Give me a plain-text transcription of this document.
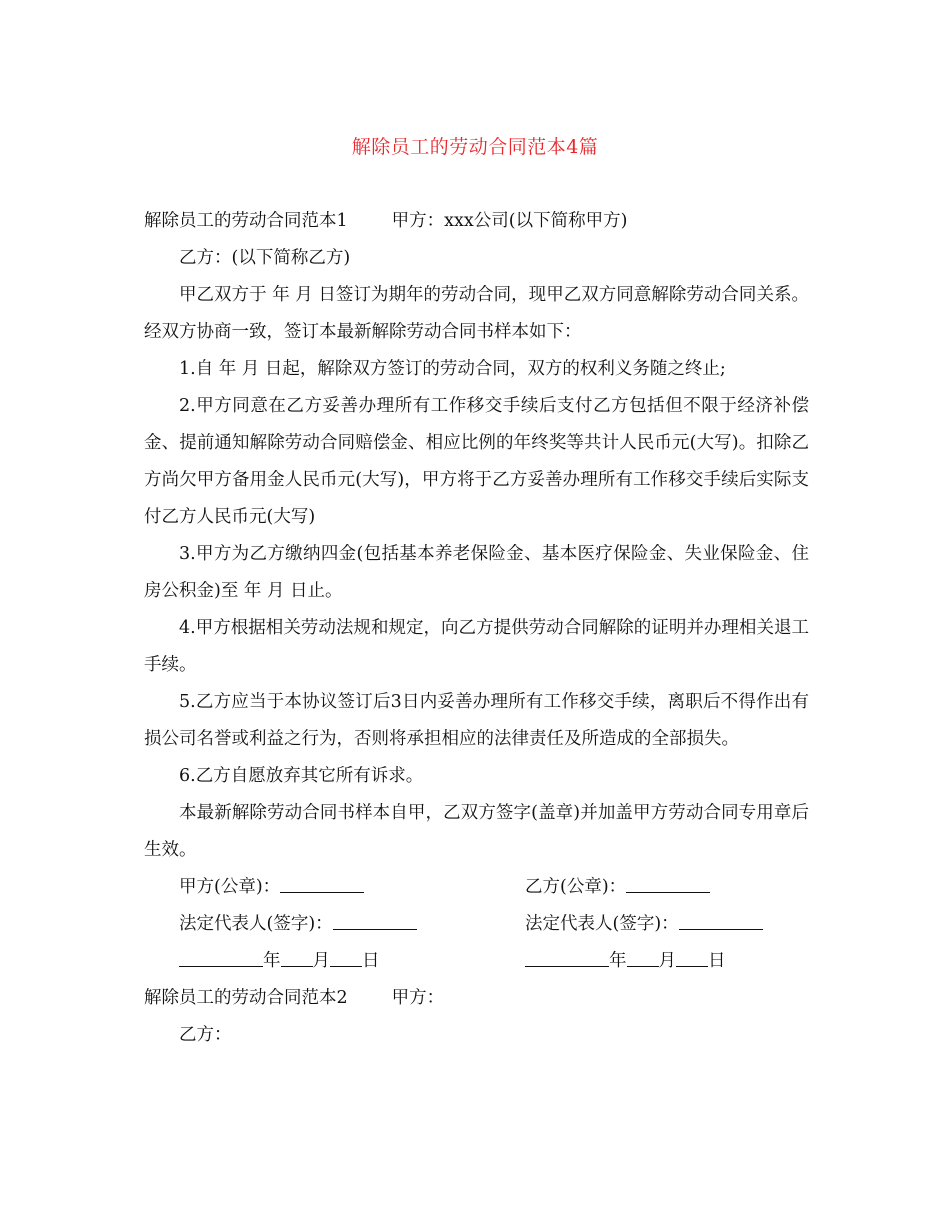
解除员工的劳动合同范本4篇

解除员工的劳动合同范本1	甲方：xxx公司(以下简称甲方)

乙方：(以下简称乙方)

甲乙双方于 年 月 日签订为期年的劳动合同，现甲乙双方同意解除劳动合同关系。经双方协商一致，签订本最新解除劳动合同书样本如下：

1.自 年 月 日起，解除双方签订的劳动合同，双方的权利义务随之终止;

2.甲方同意在乙方妥善办理所有工作移交手续后支付乙方包括但不限于经济补偿金、提前通知解除劳动合同赔偿金、相应比例的年终奖等共计人民币元(大写)。扣除乙方尚欠甲方备用金人民币元(大写)，甲方将于乙方妥善办理所有工作移交手续后实际支付乙方人民币元(大写)

3.甲方为乙方缴纳四金(包括基本养老保险金、基本医疗保险金、失业保险金、住房公积金)至 年 月 日止。

4.甲方根据相关劳动法规和规定，向乙方提供劳动合同解除的证明并办理相关退工手续。

5.乙方应当于本协议签订后3日内妥善办理所有工作移交手续，离职后不得作出有损公司名誉或利益之行为，否则将承担相应的法律责任及所造成的全部损失。

6.乙方自愿放弃其它所有诉求。

本最新解除劳动合同书样本自甲，乙双方签字(盖章)并加盖甲方劳动合同专用章后生效。

甲方(公章)：	乙方(公章)：
法定代表人(签字)：	法定代表人(签字)：
年 月 日	年 月 日

解除员工的劳动合同范本2	甲方：

乙方：
